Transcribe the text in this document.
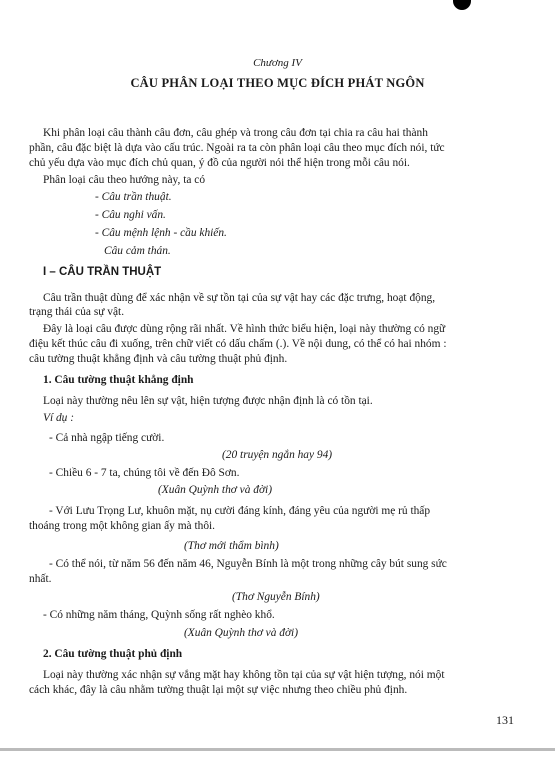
Chương IV
CÂU PHÂN LOẠI THEO MỤC ĐÍCH PHÁT NGÔN
Khi phân loại câu thành câu đơn, câu ghép và trong câu đơn tại chia ra câu hai thành
phần, câu đặc biệt là dựa vào cấu trúc. Ngoài ra ta còn phân loại câu theo mục đích nói, tức
chủ yếu dựa vào mục đích chủ quan, ý đồ của người nói thể hiện trong mỗi câu nói.
Phân loại câu theo hướng này, ta có
- Câu trần thuật.
- Câu nghi vấn.
- Câu mệnh lệnh - cầu khiến.
Câu cảm thán.
I – CÂU TRẦN THUẬT
Câu trần thuật dùng để xác nhận về sự tồn tại của sự vật hay các đặc trưng, hoạt động,
trạng thái của sự vật.
Đây là loại câu được dùng rộng rãi nhất. Về hình thức biểu hiện, loại này thường có ngữ
điệu kết thúc câu đi xuống, trên chữ viết có dấu chấm (.). Về nội dung, có thể có hai nhóm :
câu tường thuật khẳng định và câu tường thuật phủ định.
1. Câu tường thuật khẳng định
Loại này thường nêu lên sự vật, hiện tượng được nhận định là có tồn tại.
Ví dụ :
- Cả nhà ngập tiếng cười.
(20 truyện ngắn hay 94)
- Chiều 6 - 7 ta, chúng tôi về đến Đô Sơn.
(Xuân Quỳnh thơ và đời)
- Với Lưu Trọng Lư, khuôn mặt, nụ cười đáng kính, đáng yêu của người mẹ rủ thấp
thoáng trong một không gian ấy mà thôi.
(Thơ mới thẩm bình)
- Có thể nói, từ năm 56 đến năm 46, Nguyễn Bính là một trong những cây bút sung sức
nhất.
(Thơ Nguyễn Bính)
- Có những năm tháng, Quỳnh sống rất nghèo khổ.
(Xuân Quỳnh thơ và đời)
2. Câu tường thuật phủ định
Loại này thường xác nhận sự vắng mặt hay không tồn tại của sự vật hiện tượng, nói một
cách khác, đây là câu nhằm tường thuật lại một sự việc nhưng theo chiều phủ định.
131
